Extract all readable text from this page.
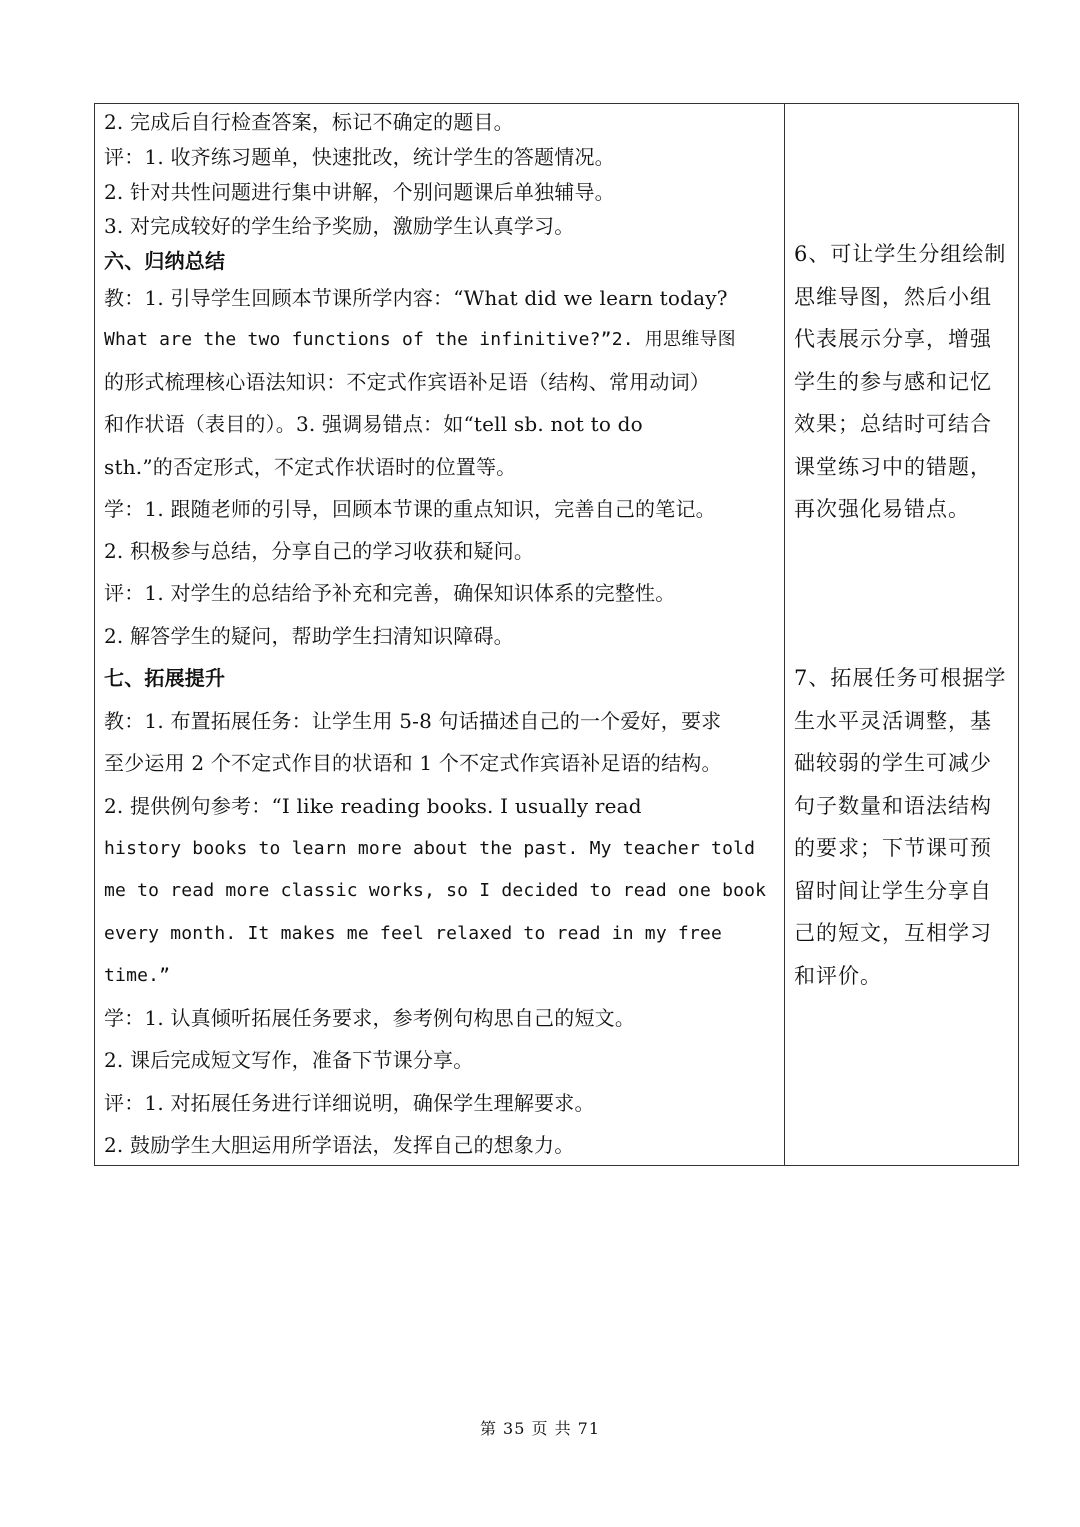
2. 完成后自行检查答案，标记不确定的题目。
评：1. 收齐练习题单，快速批改，统计学生的答题情况。
2. 针对共性问题进行集中讲解，个别问题课后单独辅导。
3. 对完成较好的学生给予奖励，激励学生认真学习。
六、归纳总结
教：1. 引导学生回顾本节课所学内容：“What did we learn today?
What are the two functions of the infinitive?”2. 用思维导图
的形式梳理核心语法知识：不定式作宾语补足语（结构、常用动词）
和作状语（表目的）。3. 强调易错点：如“tell sb. not to do
sth.”的否定形式，不定式作状语时的位置等。
学：1. 跟随老师的引导，回顾本节课的重点知识，完善自己的笔记。
2. 积极参与总结，分享自己的学习收获和疑问。
评：1. 对学生的总结给予补充和完善，确保知识体系的完整性。
2. 解答学生的疑问，帮助学生扫清知识障碍。
七、拓展提升
教：1. 布置拓展任务：让学生用 5-8 句话描述自己的一个爱好，要求
至少运用 2 个不定式作目的状语和 1 个不定式作宾语补足语的结构。
2. 提供例句参考：“I like reading books. I usually read
history books to learn more about the past. My teacher told
me to read more classic works, so I decided to read one book
every month. It makes me feel relaxed to read in my free
time.”
学：1. 认真倾听拓展任务要求，参考例句构思自己的短文。
2. 课后完成短文写作，准备下节课分享。
评：1. 对拓展任务进行详细说明，确保学生理解要求。
2. 鼓励学生大胆运用所学语法，发挥自己的想象力。
6、可让学生分组绘制
思维导图，然后小组
代表展示分享，增强
学生的参与感和记忆
效果；总结时可结合
课堂练习中的错题，
再次强化易错点。
7、拓展任务可根据学
生水平灵活调整，基
础较弱的学生可减少
句子数量和语法结构
的要求；下节课可预
留时间让学生分享自
己的短文，互相学习
和评价。
第 35 页 共 71
